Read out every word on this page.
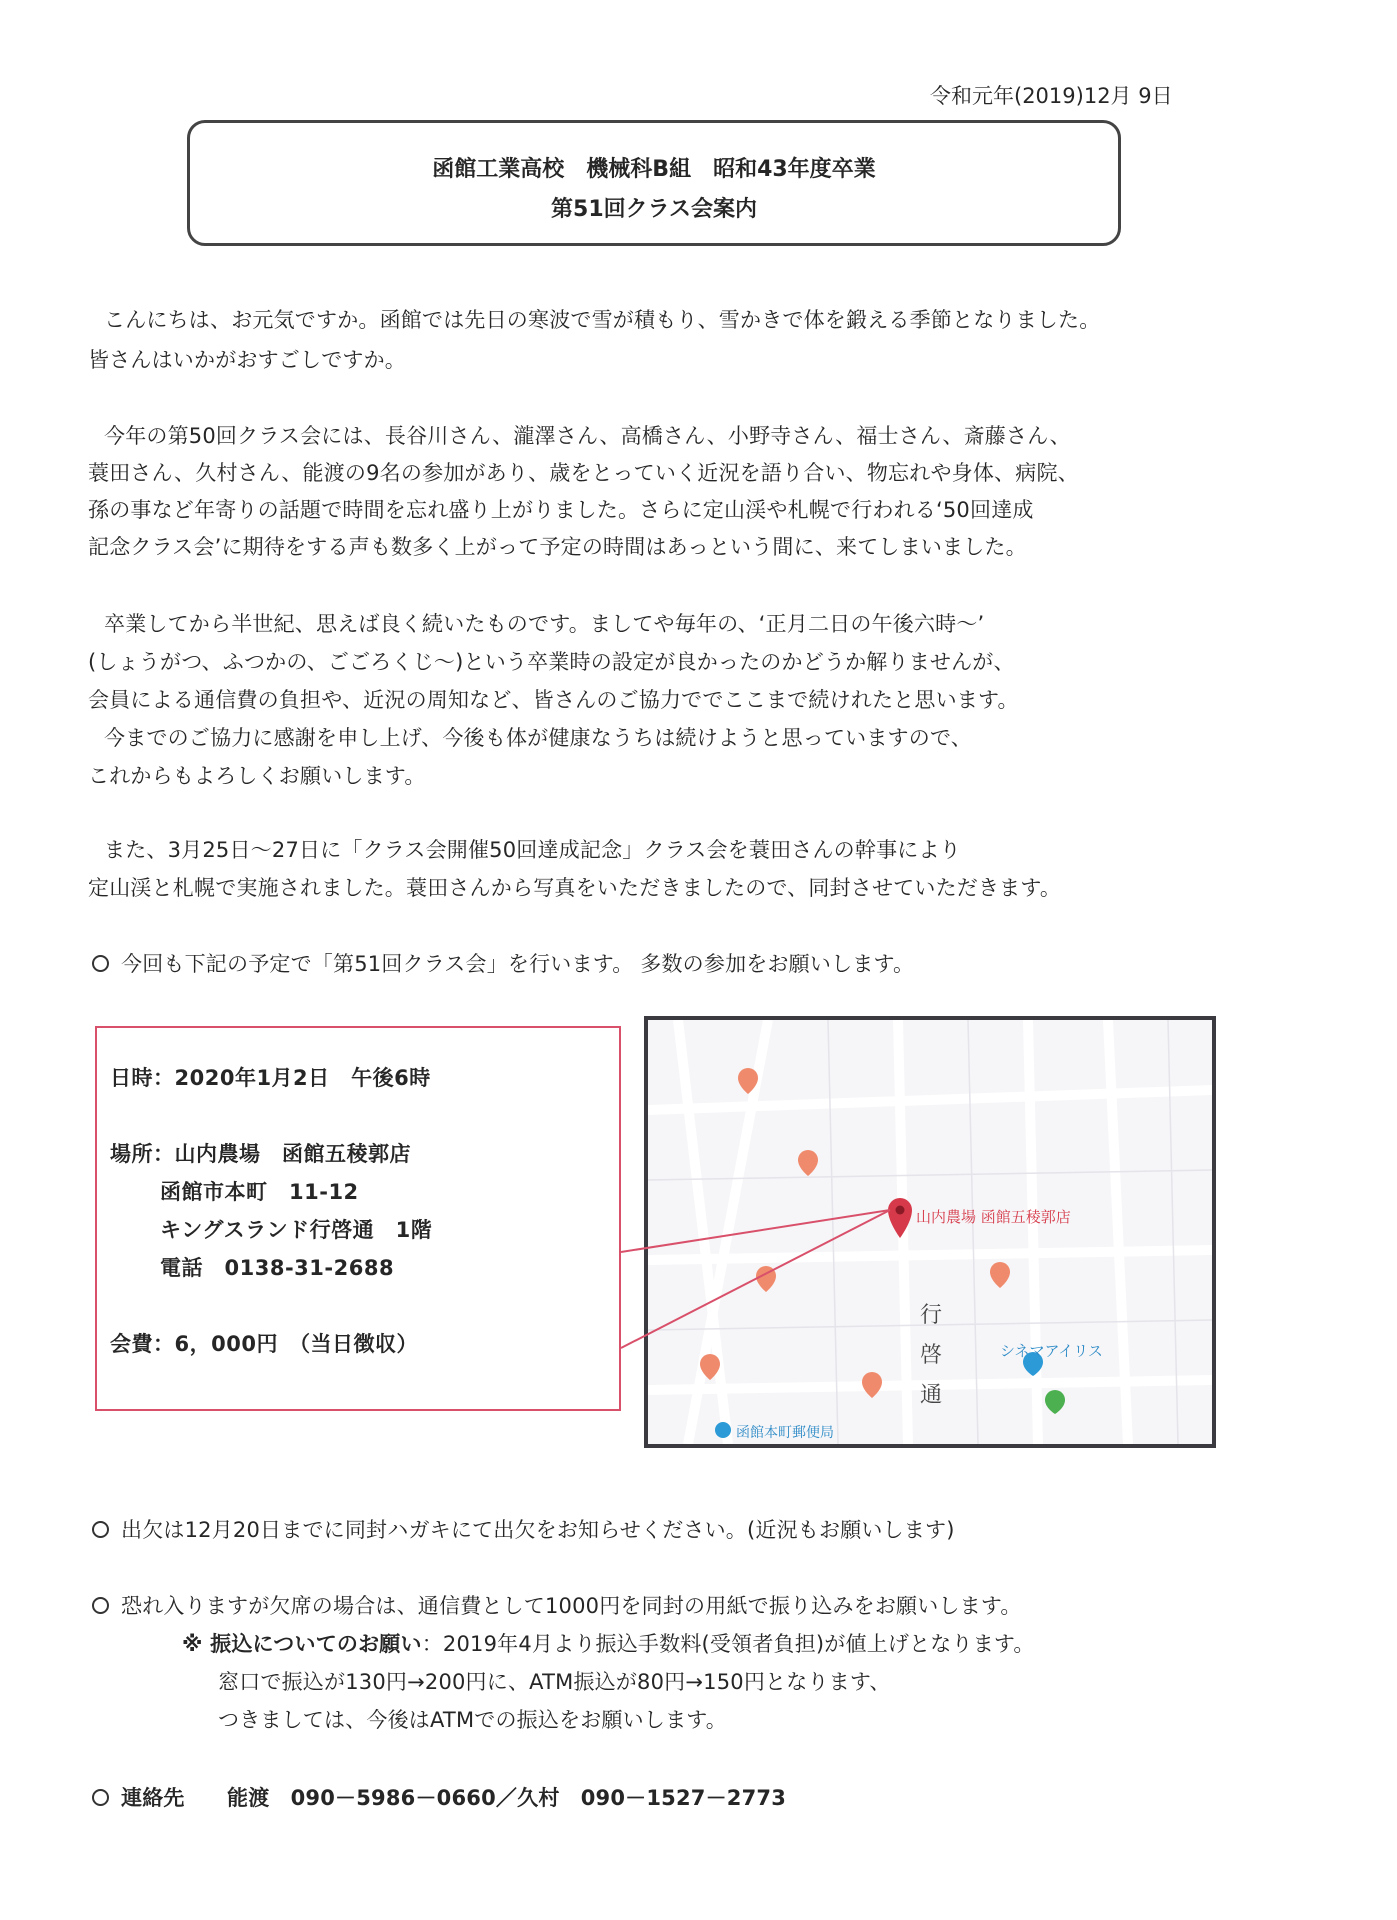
令和元年(2019)12月 9日
函館工業高校　機械科B組　昭和43年度卒業
第51回クラス会案内
こんにちは、お元気ですか。函館では先日の寒波で雪が積もり、雪かきで体を鍛える季節となりました。
皆さんはいかがおすごしですか。
今年の第50回クラス会には、長谷川さん、瀧澤さん、高橋さん、小野寺さん、福士さん、斎藤さん、
蓑田さん、久村さん、能渡の9名の参加があり、歳をとっていく近況を語り合い、物忘れや身体、病院、
孫の事など年寄りの話題で時間を忘れ盛り上がりました。さらに定山渓や札幌で行われる‘50回達成
記念クラス会’に期待をする声も数多く上がって予定の時間はあっという間に、来てしまいました。
卒業してから半世紀、思えば良く続いたものです。ましてや毎年の、‘正月二日の午後六時～’
(しょうがつ、ふつかの、ごごろくじ～)という卒業時の設定が良かったのかどうか解りませんが、
会員による通信費の負担や、近況の周知など、皆さんのご協力ででここまで続けれたと思います。
今までのご協力に感謝を申し上げ、今後も体が健康なうちは続けようと思っていますので、
これからもよろしくお願いします。
また、3月25日～27日に「クラス会開催50回達成記念」クラス会を蓑田さんの幹事により
定山渓と札幌で実施されました。蓑田さんから写真をいただきましたので、同封させていただきます。
今回も下記の予定で「第51回クラス会」を行います。 多数の参加をお願いします。
日時：2020年1月2日　午後6時
場所：山内農場　函館五稜郭店
函館市本町　11-12
キングスランド行啓通　1階
電話　0138-31-2688
会費：6，000円　（当日徴収）
山内農場 函館五稜郭店
シネマアイリス
函館本町郵便局
行
啓
通
出欠は12月20日までに同封ハガキにて出欠をお知らせください。(近況もお願いします)
恐れ入りますが欠席の場合は、通信費として1000円を同封の用紙で振り込みをお願いします。
※ 振込についてのお願い：2019年4月より振込手数料(受領者負担)が値上げとなります。
窓口で振込が130円→200円に、ATM振込が80円→150円となります、
つきましては、今後はATMでの振込をお願いします。
連絡先　　能渡　090－5986－0660／久村　090－1527－2773
